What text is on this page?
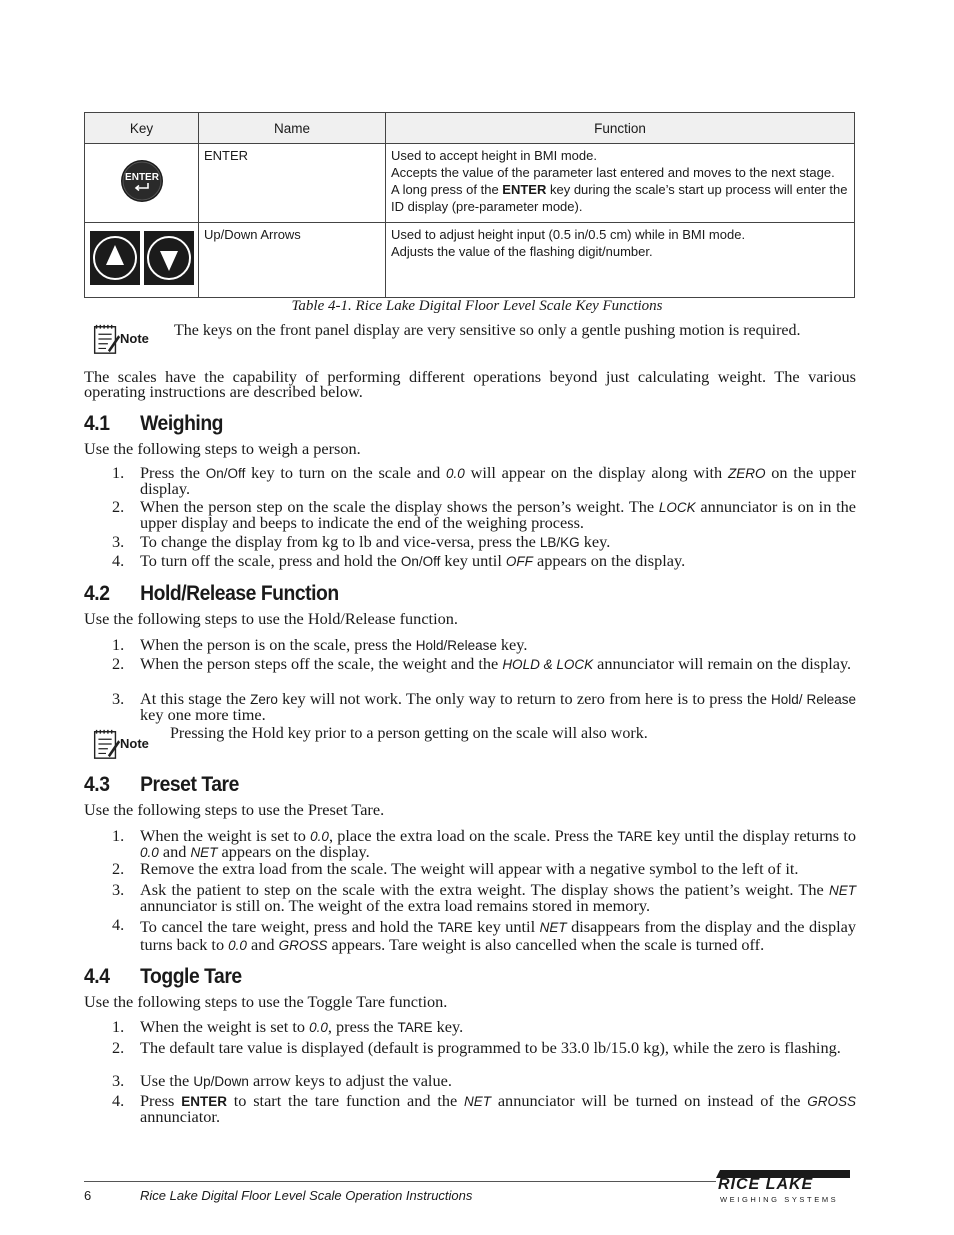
Key	Name	Function

ENTER	ENTER	Used to accept height in BMI mode.
Accepts the value of the parameter last entered and moves to the next stage.
A long press of the ENTER key during the scale’s start up process will enter the ID display (pre-parameter mode).

	Up/Down Arrows	Used to adjust height input (0.5 in/0.5 cm) while in BMI mode.
Adjusts the value of the flashing digit/number.
Table 4-1. Rice Lake Digital Floor Level Scale Key Functions
Note The keys on the front panel display are very sensitive so only a gentle pushing motion is required.

The scales have the capability of performing different operations beyond just calculating weight. The various operating instructions are described below.

4.1 Weighing

Use the following steps to weigh a person.

1. Press the On/Off key to turn on the scale and 0.0 will appear on the display along with ZERO on the upper display.
2. When the person step on the scale the display shows the person’s weight. The LOCK annunciator is on in the upper display and beeps to indicate the end of the weighing process.
3. To change the display from kg to lb and vice-versa, press the LB/KG key.
4. To turn off the scale, press and hold the On/Off key until OFF appears on the display.
4.2 Hold/Release Function

Use the following steps to use the Hold/Release function.

1. When the person is on the scale, press the Hold/Release key.
2. When the person steps off the scale, the weight and the HOLD & LOCK annunciator will remain on the display.
3. At this stage the Zero key will not work. The only way to return to zero from here is to press the Hold/ Release key one more time.
Note
Pressing the Hold key prior to a person getting on the scale will also work.
4.3 Preset Tare

Use the following steps to use the Preset Tare.

1. When the weight is set to 0.0, place the extra load on the scale. Press the TARE key until the display returns to 0.0 and NET appears on the display.
2. Remove the extra load from the scale. The weight will appear with a negative symbol to the left of it.
3. Ask the patient to step on the scale with the extra weight. The display shows the patient’s weight. The NET annunciator is still on. The weight of the extra load remains stored in memory.
4. To cancel the tare weight, press and hold the TARE key until NET disappears from the display and the display turns back to 0.0 and GROSS appears. Tare weight is also cancelled when the scale is turned off.
4.4 Toggle Tare

Use the following steps to use the Toggle Tare function.

1. When the weight is set to 0.0, press the TARE key.
2. The default tare value is displayed (default is programmed to be 33.0 lb/15.0 kg), while the zero is flashing.
3. Use the Up/Down arrow keys to adjust the value.
4. Press ENTER to start the tare function and the NET annunciator will be turned on instead of the GROSS annunciator.
6	Rice Lake Digital Floor Level Scale Operation Instructions
RICE LAKE
WEIGHING SYSTEMS
